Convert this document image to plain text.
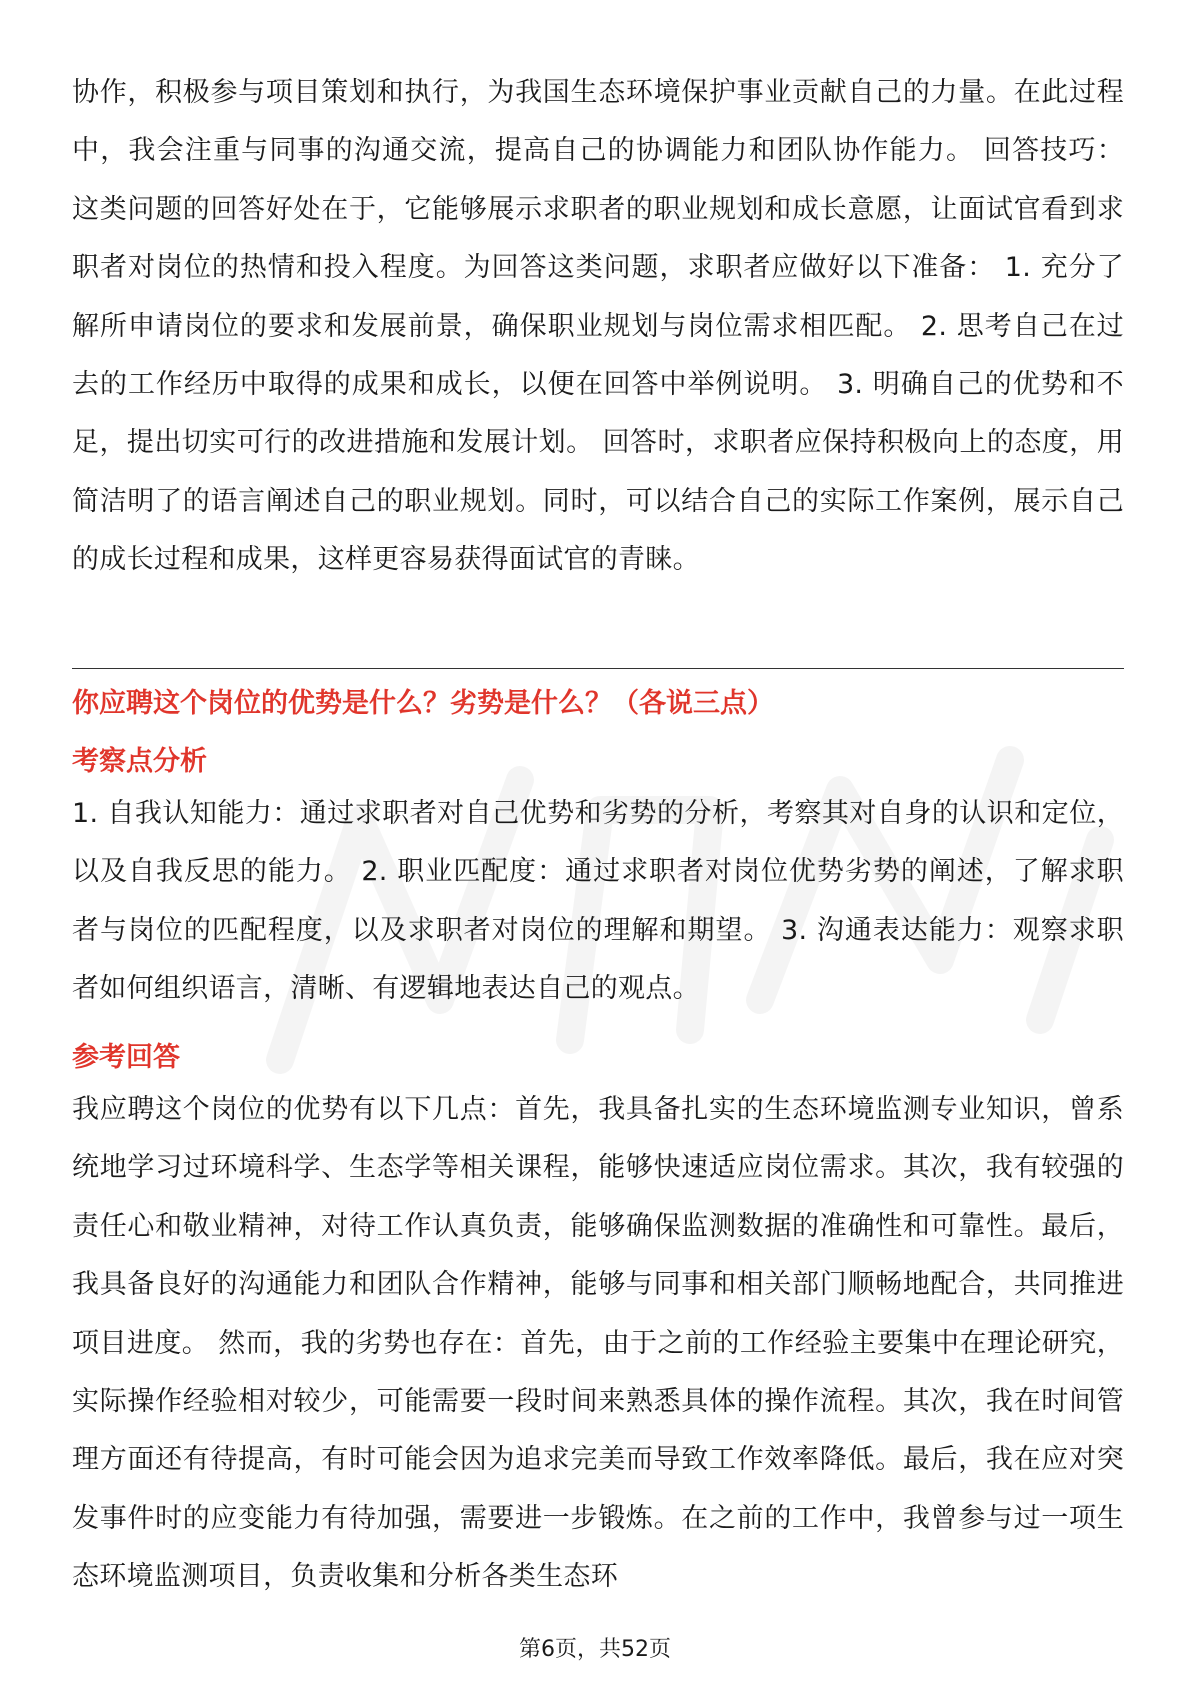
协作，积极参与项目策划和执行，为我国生态环境保护事业贡献自己的力量。在此过程中，我会注重与同事的沟通交流，提高自己的协调能力和团队协作能力。 回答技巧： 这类问题的回答好处在于，它能够展示求职者的职业规划和成长意愿，让面试官看到求职者对岗位的热情和投入程度。为回答这类问题，求职者应做好以下准备： 1. 充分了解所申请岗位的要求和发展前景，确保职业规划与岗位需求相匹配。 2. 思考自己在过去的工作经历中取得的成果和成长，以便在回答中举例说明。 3. 明确自己的优势和不足，提出切实可行的改进措施和发展计划。 回答时，求职者应保持积极向上的态度，用简洁明了的语言阐述自己的职业规划。同时，可以结合自己的实际工作案例，展示自己的成长过程和成果，这样更容易获得面试官的青睐。

你应聘这个岗位的优势是什么？劣势是什么？（各说三点）

考察点分析

1. 自我认知能力：通过求职者对自己优势和劣势的分析，考察其对自身的认识和定位，以及自我反思的能力。 2. 职业匹配度：通过求职者对岗位优势劣势的阐述，了解求职者与岗位的匹配程度，以及求职者对岗位的理解和期望。 3. 沟通表达能力：观察求职者如何组织语言，清晰、有逻辑地表达自己的观点。

参考回答

我应聘这个岗位的优势有以下几点：首先，我具备扎实的生态环境监测专业知识，曾系统地学习过环境科学、生态学等相关课程，能够快速适应岗位需求。其次，我有较强的责任心和敬业精神，对待工作认真负责，能够确保监测数据的准确性和可靠性。最后，我具备良好的沟通能力和团队合作精神，能够与同事和相关部门顺畅地配合，共同推进项目进度。 然而，我的劣势也存在：首先，由于之前的工作经验主要集中在理论研究，实际操作经验相对较少，可能需要一段时间来熟悉具体的操作流程。其次，我在时间管理方面还有待提高，有时可能会因为追求完美而导致工作效率降低。最后，我在应对突发事件时的应变能力有待加强，需要进一步锻炼。在之前的工作中，我曾参与过一项生态环境监测项目，负责收集和分析各类生态环

第6页，共52页
